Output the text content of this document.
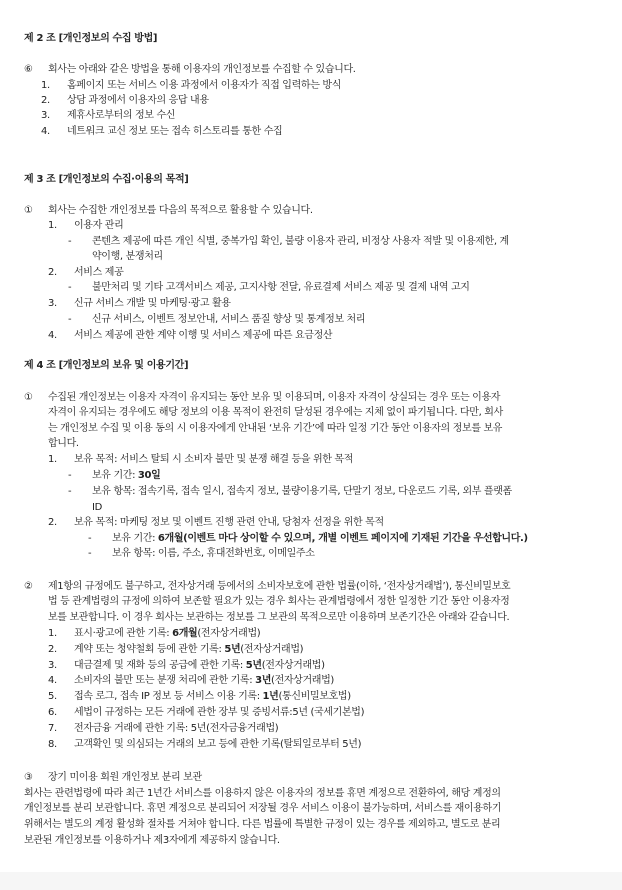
제 2 조 [개인정보의 수집 방법]
⑥ 회사는 아래와 같은 방법을 통해 이용자의 개인정보를 수집할 수 있습니다.
1. 홈페이지 또는 서비스 이용 과정에서 이용자가 직접 입력하는 방식
2. 상담 과정에서 이용자의 응답 내용
3. 제휴사로부터의 정보 수신
4. 네트워크 교신 정보 또는 접속 히스토리를 통한 수집
제 3 조 [개인정보의 수집·이용의 목적]
① 회사는 수집한 개인정보를 다음의 목적으로 활용할 수 있습니다.
1. 이용자 관리
- 콘텐츠 제공에 따른 개인 식별, 중복가입 확인, 불량 이용자 관리, 비정상 사용자 적발 및 이용제한, 계
약이행, 분쟁처리
2. 서비스 제공
- 불만처리 및 기타 고객서비스 제공, 고지사항 전달, 유료결제 서비스 제공 및 결제 내역 고지
3. 신규 서비스 개발 및 마케팅·광고 활용
- 신규 서비스, 이벤트 정보안내, 서비스 품질 향상 및 통계정보 처리
4. 서비스 제공에 관한 계약 이행 및 서비스 제공에 따른 요금정산
제 4 조 [개인정보의 보유 및 이용기간]
① 수집된 개인정보는 이용자 자격이 유지되는 동안 보유 및 이용되며, 이용자 자격이 상실되는 경우 또는 이용자
자격이 유지되는 경우에도 해당 정보의 이용 목적이 완전히 달성된 경우에는 지체 없이 파기됩니다. 다만, 회사
는 개인정보 수집 및 이용 동의 시 이용자에게 안내된 ‘보유 기간’에 따라 일정 기간 동안 이용자의 정보를 보유
합니다.
1. 보유 목적: 서비스 탈퇴 시 소비자 불만 및 분쟁 해결 등을 위한 목적
- 보유 기간: 30일
- 보유 항목: 접속기록, 접속 일시, 접속지 정보, 불량이용기록, 단말기 정보, 다운로드 기록, 외부 플랫폼
ID
2. 보유 목적: 마케팅 정보 및 이벤트 진행 관련 안내, 당첨자 선정을 위한 목적
- 보유 기간: 6개월(이벤트 마다 상이할 수 있으며, 개별 이벤트 페이지에 기재된 기간을 우선합니다.)
- 보유 항목: 이름, 주소, 휴대전화번호, 이메일주소
② 제1항의 규정에도 불구하고, 전자상거래 등에서의 소비자보호에 관한 법률(이하, ‘전자상거래법’), 통신비밀보호
법 등 관계법령의 규정에 의하여 보존할 필요가 있는 경우 회사는 관계법령에서 정한 일정한 기간 동안 이용자정
보를 보관합니다. 이 경우 회사는 보관하는 정보를 그 보관의 목적으로만 이용하며 보존기간은 아래와 같습니다.
1. 표시·광고에 관한 기록: 6개월(전자상거래법)
2. 계약 또는 청약철회 등에 관한 기록: 5년(전자상거래법)
3. 대금결제 및 재화 등의 공급에 관한 기록: 5년(전자상거래법)
4. 소비자의 불만 또는 분쟁 처리에 관한 기록: 3년(전자상거래법)
5. 접속 로그, 접속 IP 정보 등 서비스 이용 기록: 1년(통신비밀보호법)
6. 세법이 규정하는 모든 거래에 관한 장부 및 증빙서류:5년 (국세기본법)
7. 전자금융 거래에 관한 기록: 5년(전자금융거래법)
8. 고객확인 및 의심되는 거래의 보고 등에 관한 기록(탈퇴일로부터 5년)
③ 장기 미이용 회원 개인정보 분리 보관
회사는 관련법령에 따라 최근 1년간 서비스를 이용하지 않은 이용자의 정보를 휴면 계정으로 전환하여, 해당 계정의
개인정보를 분리 보관합니다. 휴면 계정으로 분리되어 저장될 경우 서비스 이용이 불가능하며, 서비스를 재이용하기
위해서는 별도의 계정 활성화 절차를 거쳐야 합니다. 다른 법률에 특별한 규정이 있는 경우를 제외하고, 별도로 분리
보관된 개인정보를 이용하거나 제3자에게 제공하지 않습니다.
